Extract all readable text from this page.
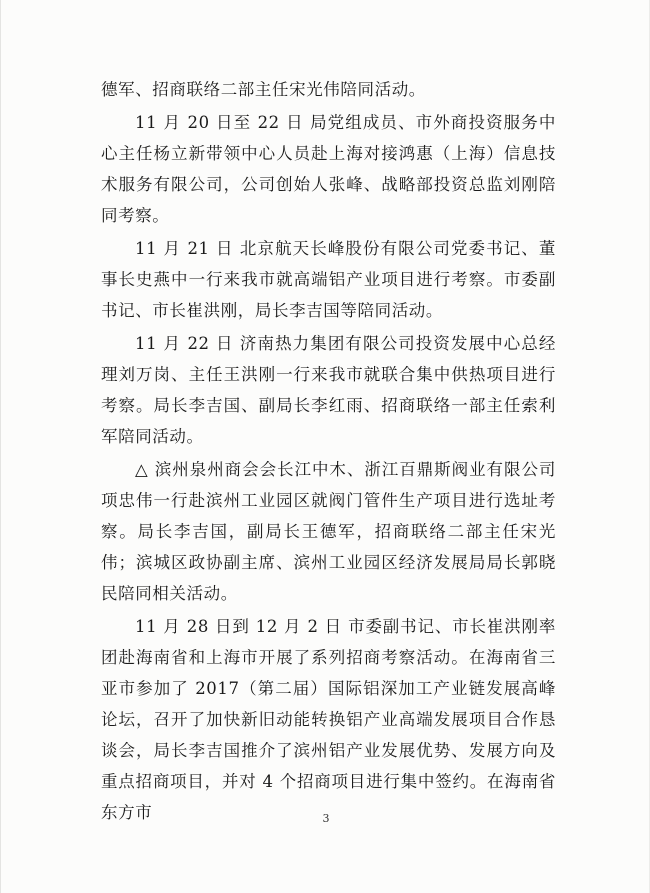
德军、招商联络二部主任宋光伟陪同活动。

11 月 20 日至 22 日 局党组成员、市外商投资服务中心主任杨立新带领中心人员赴上海对接鸿惠（上海）信息技术服务有限公司，公司创始人张峰、战略部投资总监刘刚陪同考察。

11 月 21 日 北京航天长峰股份有限公司党委书记、董事长史燕中一行来我市就高端铝产业项目进行考察。市委副书记、市长崔洪刚，局长李吉国等陪同活动。

11 月 22 日 济南热力集团有限公司投资发展中心总经理刘万岗、主任王洪刚一行来我市就联合集中供热项目进行考察。局长李吉国、副局长李红雨、招商联络一部主任索利军陪同活动。

△ 滨州泉州商会会长江中木、浙江百鼎斯阀业有限公司项忠伟一行赴滨州工业园区就阀门管件生产项目进行选址考察。局长李吉国，副局长王德军，招商联络二部主任宋光伟；滨城区政协副主席、滨州工业园区经济发展局局长郭晓民陪同相关活动。

11 月 28 日到 12 月 2 日 市委副书记、市长崔洪刚率团赴海南省和上海市开展了系列招商考察活动。在海南省三亚市参加了 2017（第二届）国际铝深加工产业链发展高峰论坛，召开了加快新旧动能转换铝产业高端发展项目合作恳谈会，局长李吉国推介了滨州铝产业发展优势、发展方向及重点招商项目，并对 4 个招商项目进行集中签约。在海南省东方市	3
